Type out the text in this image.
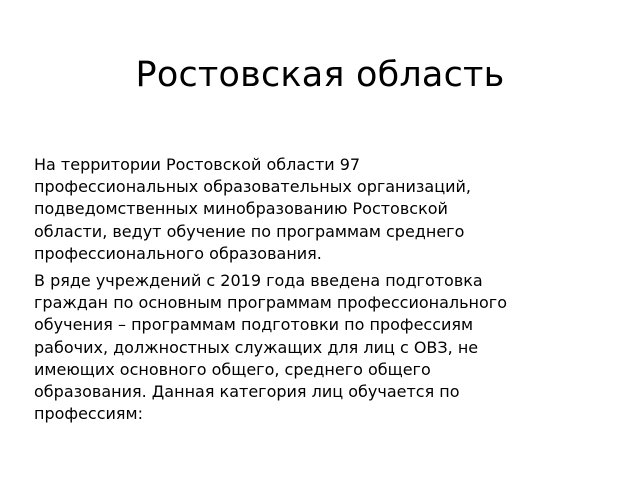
Ростовская область

На территории Ростовской области 97
профессиональных образовательных организаций,
подведомственных минобразованию Ростовской
области, ведут обучение по программам среднего
профессионального образования.

В ряде учреждений с 2019 года введена подготовка
граждан по основным программам профессионального
обучения – программам подготовки по профессиям
рабочих, должностных служащих для лиц с ОВЗ, не
имеющих основного общего, среднего общего
образования. Данная категория лиц обучается по
профессиям:
